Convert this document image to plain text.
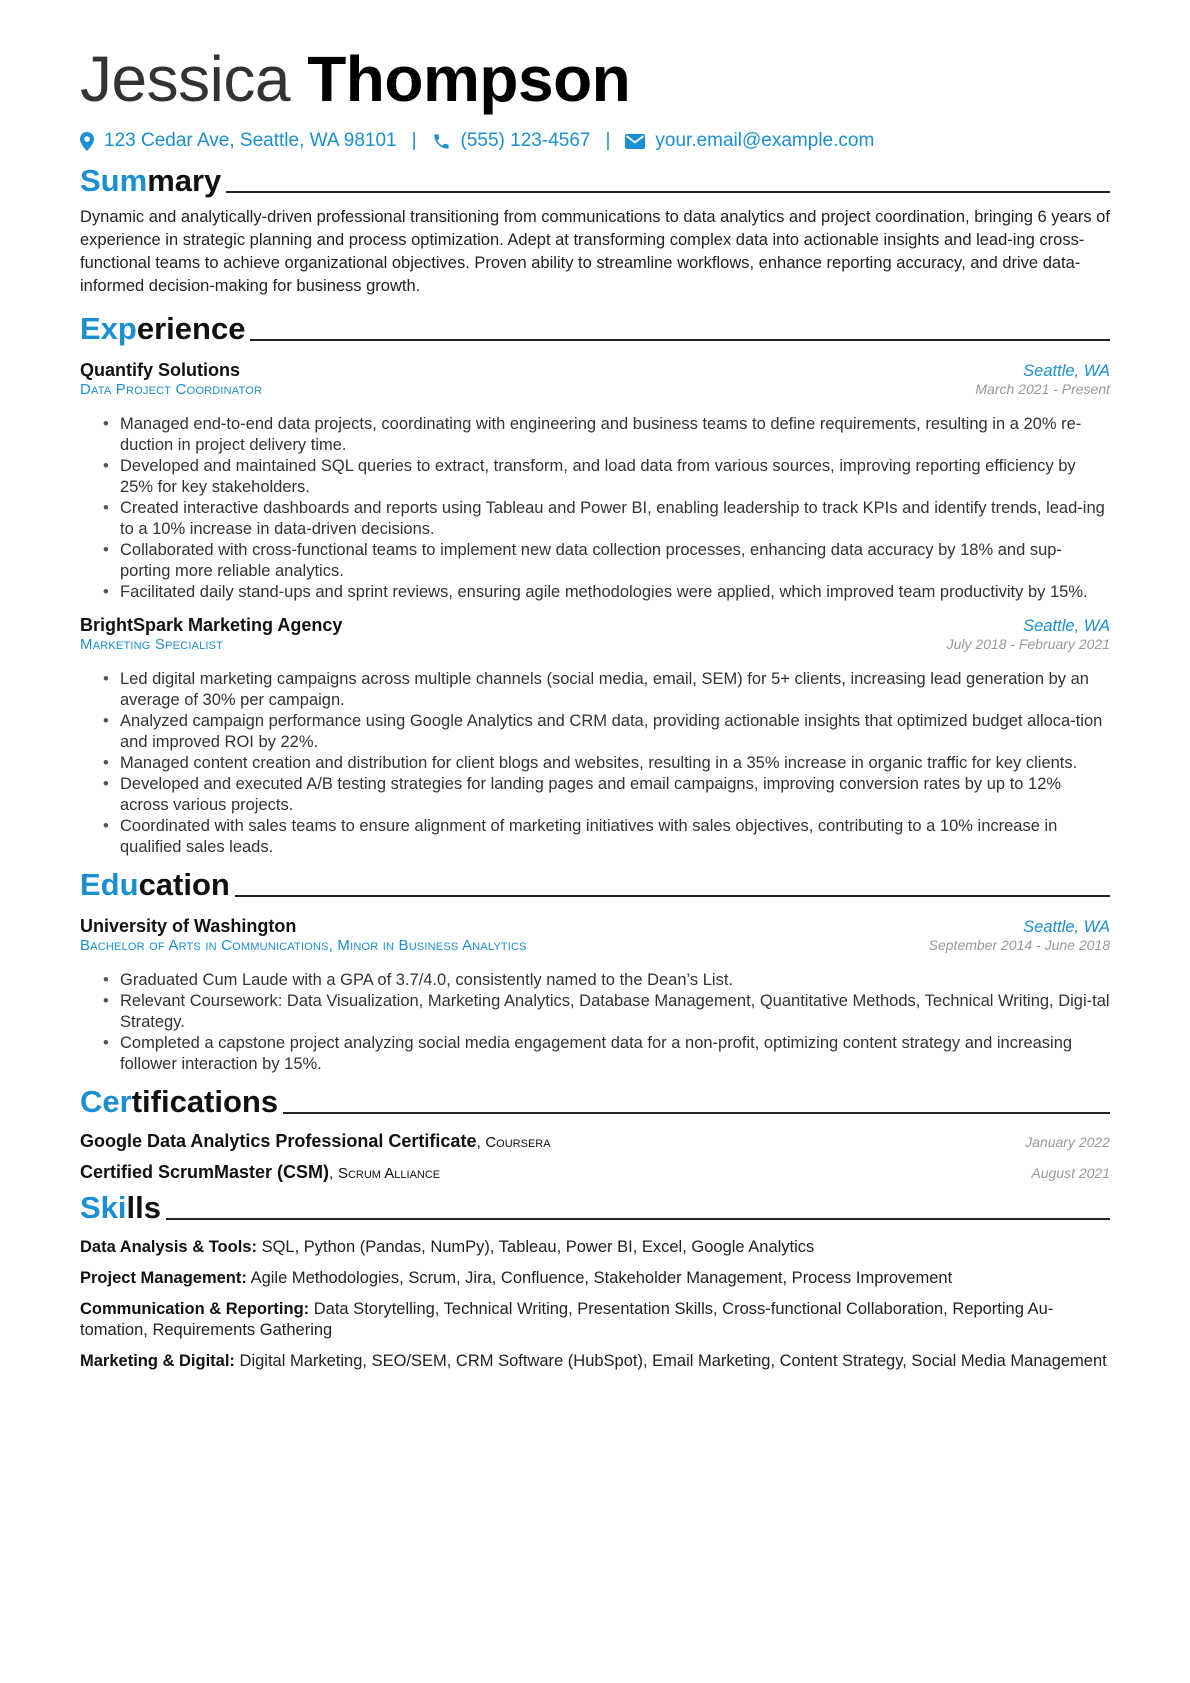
Jessica Thompson
123 Cedar Ave, Seattle, WA 98101 | (555) 123-4567 | your.email@example.com
Summary

Dynamic and analytically-driven professional transitioning from communications to data analytics and project coordination, bringing 6 years of experience in strategic planning and process optimization. Adept at transforming complex data into actionable insights and lead-ing cross-functional teams to achieve organizational objectives. Proven ability to streamline workflows, enhance reporting accuracy, and drive data-informed decision-making for business growth.

Experience
Quantify Solutions	Seattle, WA
Data Project Coordinator	March 2021 - Present
• Managed end-to-end data projects, coordinating with engineering and business teams to define requirements, resulting in a 20% re-duction in project delivery time.
• Developed and maintained SQL queries to extract, transform, and load data from various sources, improving reporting efficiency by 25% for key stakeholders.
• Created interactive dashboards and reports using Tableau and Power BI, enabling leadership to track KPIs and identify trends, lead-ing to a 10% increase in data-driven decisions.
• Collaborated with cross-functional teams to implement new data collection processes, enhancing data accuracy by 18% and sup-porting more reliable analytics.
• Facilitated daily stand-ups and sprint reviews, ensuring agile methodologies were applied, which improved team productivity by 15%.
BrightSpark Marketing Agency	Seattle, WA
Marketing Specialist	July 2018 - February 2021
• Led digital marketing campaigns across multiple channels (social media, email, SEM) for 5+ clients, increasing lead generation by an average of 30% per campaign.
• Analyzed campaign performance using Google Analytics and CRM data, providing actionable insights that optimized budget alloca-tion and improved ROI by 22%.
• Managed content creation and distribution for client blogs and websites, resulting in a 35% increase in organic traffic for key clients.
• Developed and executed A/B testing strategies for landing pages and email campaigns, improving conversion rates by up to 12% across various projects.
• Coordinated with sales teams to ensure alignment of marketing initiatives with sales objectives, contributing to a 10% increase in qualified sales leads.
Education
University of Washington	Seattle, WA
Bachelor of Arts in Communications, Minor in Business Analytics	September 2014 - June 2018
• Graduated Cum Laude with a GPA of 3.7/4.0, consistently named to the Dean’s List.
• Relevant Coursework: Data Visualization, Marketing Analytics, Database Management, Quantitative Methods, Technical Writing, Digi-tal Strategy.
• Completed a capstone project analyzing social media engagement data for a non-profit, optimizing content strategy and increasing follower interaction by 15%.
Certifications
Google Data Analytics Professional Certificate, Coursera	January 2022
Certified ScrumMaster (CSM), Scrum Alliance	August 2021
Skills

Data Analysis & Tools: SQL, Python (Pandas, NumPy), Tableau, Power BI, Excel, Google Analytics

Project Management: Agile Methodologies, Scrum, Jira, Confluence, Stakeholder Management, Process Improvement

Communication & Reporting: Data Storytelling, Technical Writing, Presentation Skills, Cross-functional Collaboration, Reporting Au-tomation, Requirements Gathering

Marketing & Digital: Digital Marketing, SEO/SEM, CRM Software (HubSpot), Email Marketing, Content Strategy, Social Media Management
